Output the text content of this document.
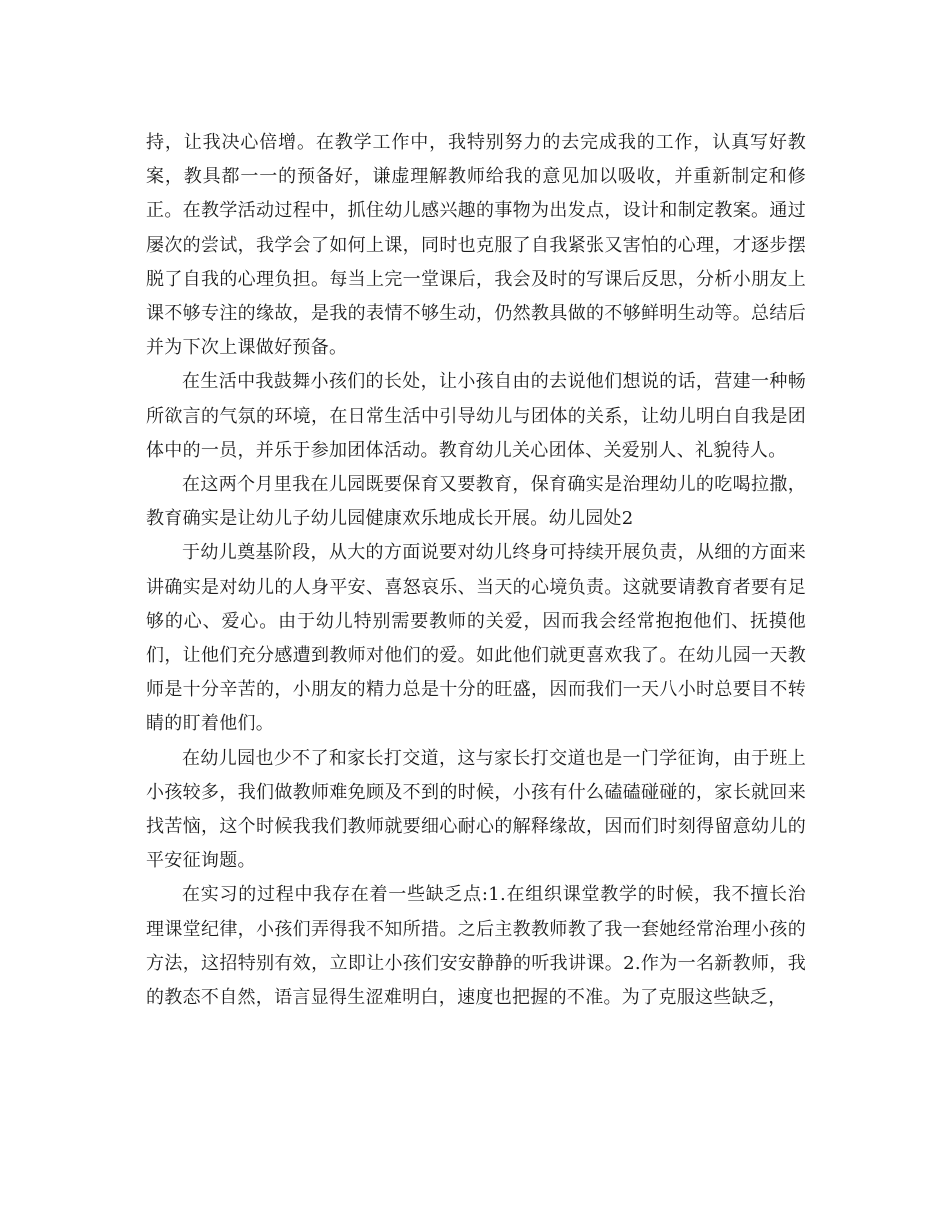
持，让我决心倍增。在教学工作中，我特别努力的去完成我的工作，认真写好教案，教具都一一的预备好，谦虚理解教师给我的意见加以吸收，并重新制定和修正。在教学活动过程中，抓住幼儿感兴趣的事物为出发点，设计和制定教案。通过屡次的尝试，我学会了如何上课，同时也克服了自我紧张又害怕的心理，才逐步摆脱了自我的心理负担。每当上完一堂课后，我会及时的写课后反思，分析小朋友上课不够专注的缘故，是我的表情不够生动，仍然教具做的不够鲜明生动等。总结后并为下次上课做好预备。

在生活中我鼓舞小孩们的长处，让小孩自由的去说他们想说的话，营建一种畅所欲言的气氛的环境，在日常生活中引导幼儿与团体的关系，让幼儿明白自我是团体中的一员，并乐于参加团体活动。教育幼儿关心团体、关爱别人、礼貌待人。

在这两个月里我在儿园既要保育又要教育，保育确实是治理幼儿的吃喝拉撒，教育确实是让幼儿子幼儿园健康欢乐地成长开展。幼儿园处2

于幼儿奠基阶段，从大的方面说要对幼儿终身可持续开展负责，从细的方面来讲确实是对幼儿的人身平安、喜怒哀乐、当天的心境负责。这就要请教育者要有足够的心、爱心。由于幼儿特别需要教师的关爱，因而我会经常抱抱他们、抚摸他们，让他们充分感遭到教师对他们的爱。如此他们就更喜欢我了。在幼儿园一天教师是十分辛苦的，小朋友的精力总是十分的旺盛，因而我们一天八小时总要目不转睛的盯着他们。

在幼儿园也少不了和家长打交道，这与家长打交道也是一门学征询，由于班上小孩较多，我们做教师难免顾及不到的时候，小孩有什么磕磕碰碰的，家长就回来找苦恼，这个时候我我们教师就要细心耐心的解释缘故，因而们时刻得留意幼儿的平安征询题。

在实习的过程中我存在着一些缺乏点:1.在组织课堂教学的时候，我不擅长治理课堂纪律，小孩们弄得我不知所措。之后主教教师教了我一套她经常治理小孩的方法，这招特别有效，立即让小孩们安安静静的听我讲课。2.作为一名新教师，我的教态不自然，语言显得生涩难明白，速度也把握的不准。为了克服这些缺乏，
